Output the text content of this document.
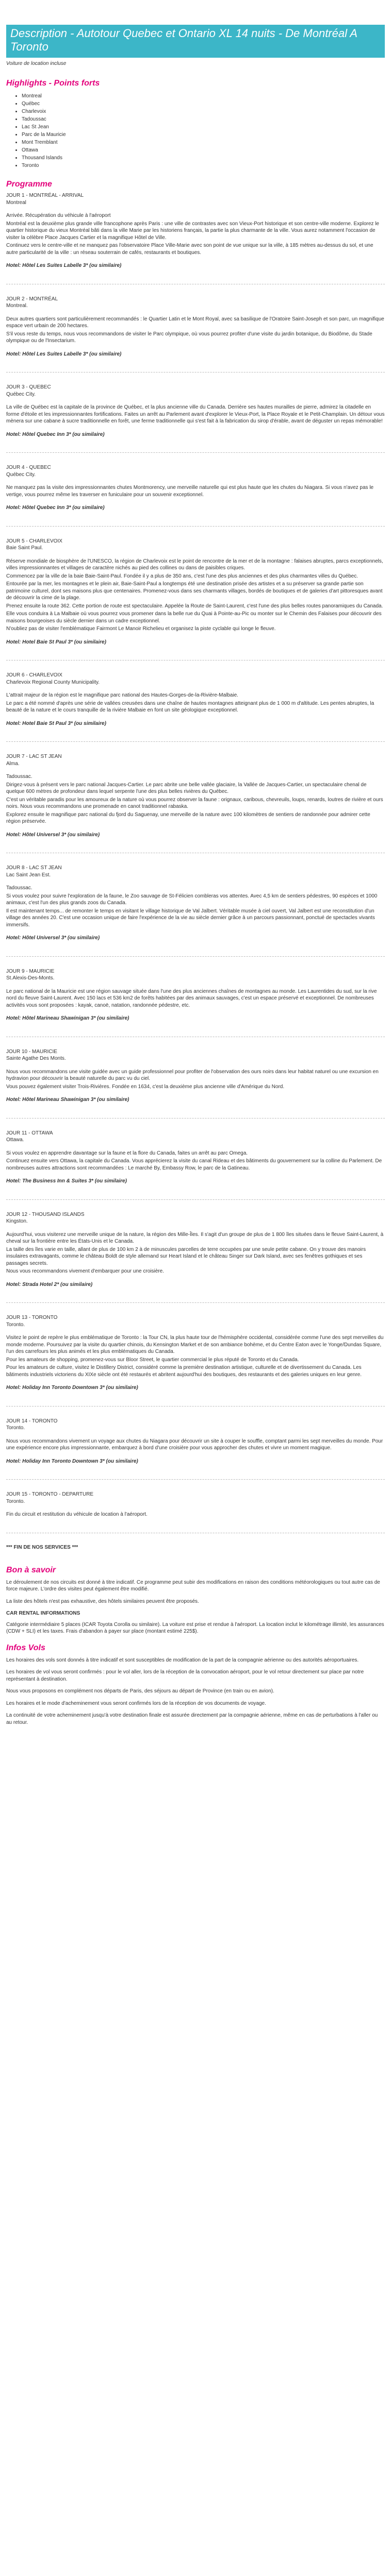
Description - Autotour Quebec et Ontario XL 14 nuits - De Montréal A Toronto
Voiture de location incluse
Highlights - Points forts
• Montreal
• Québec
• Charlevoix
• Tadoussac
• Lac St Jean
• Parc de la Mauricie
• Mont Tremblant
• Ottawa
• Thousand Islands
• Toronto
Programme
JOUR 1 - MONTRÉAL - ARRIVAL
Montreal

Arrivée. Récupération du véhicule à l'aéroport

Montréal est la deuxième plus grande ville francophone après Paris : une ville de contrastes avec son Vieux-Port historique et son centre-ville moderne. Explorez le quartier historique du vieux Montréal bâti dans la ville Marie par les historiens français, la partie la plus charmante de la ville. Vous aurez notamment l'occasion de visiter la célèbre Place Jacques Cartier et la magnifique Hôtel de Ville.

Continuez vers le centre-ville et ne manquez pas l'observatoire Place Ville-Marie avec son point de vue unique sur la ville, à 185 mètres au-dessus du sol, et une autre particularité de la ville : un réseau souterrain de cafés, restaurants et boutiques.

Hotel: Hôtel Les Suites Labelle 3* (ou similaire)
JOUR 2 - MONTRÉAL
Montreal.

Deux autres quartiers sont particulièrement recommandés : le Quartier Latin et le Mont Royal, avec sa basilique de l'Oratoire Saint-Joseph et son parc, un magnifique espace vert urbain de 200 hectares.

S'il vous reste du temps, nous vous recommandons de visiter le Parc olympique, où vous pourrez profiter d'une visite du jardin botanique, du Biodôme, du Stade olympique ou de l'Insectarium.

Hotel: Hôtel Les Suites Labelle 3* (ou similaire)
JOUR 3 - QUEBEC
Québec City.

La ville de Québec est la capitale de la province de Québec, et la plus ancienne ville du Canada. Derrière ses hautes murailles de pierre, admirez la citadelle en forme d'étoile et les impressionnantes fortifications. Faites un arrêt au Parlement avant d'explorer le Vieux-Port, la Place Royale et le Petit-Champlain. Un détour vous mènera sur une cabane à sucre traditionnelle en forêt, une ferme traditionnelle qui s'est fait à la fabrication du sirop d'érable, avant de déguster un repas mémorable!

Hotel: Hôtel Quebec Inn 3* (ou similaire)
JOUR 4 - QUEBEC
Québec City.

Ne manquez pas la visite des impressionnantes chutes Montmorency, une merveille naturelle qui est plus haute que les chutes du Niagara. Si vous n'avez pas le vertige, vous pourrez même les traverser en funiculaire pour un souvenir exceptionnel.

Hotel: Hôtel Quebec Inn 3* (ou similaire)
JOUR 5 - CHARLEVOIX
Baie Saint Paul.

Réserve mondiale de biosphère de l'UNESCO, la région de Charlevoix est le point de rencontre de la mer et de la montagne : falaises abruptes, parcs exceptionnels, villes impressionnantes et villages de caractère nichés au pied des collines ou dans de paisibles criques.

Commencez par la ville de la baie Baie-Saint-Paul. Fondée il y a plus de 350 ans, c'est l'une des plus anciennes et des plus charmantes villes du Québec.

Entourée par la mer, les montagnes et le plein air, Baie-Saint-Paul a longtemps été une destination prisée des artistes et a su préserver sa grande partie son patrimoine culturel, dont ses maisons plus que centenaires. Promenez-vous dans ses charmants villages, bordés de boutiques et de galeries d'art pittoresques avant de découvrir la cime de la plage.

Prenez ensuite la route 362. Cette portion de route est spectaculaire. Appelée la Route de Saint-Laurent, c'est l'une des plus belles routes panoramiques du Canada.

Elle vous conduira à La Malbaie où vous pourrez vous promener dans la belle rue du Quai à Pointe-au-Pic ou monter sur le Chemin des Falaises pour découvrir des maisons bourgeoises du siècle dernier dans un cadre exceptionnel.

N'oubliez pas de visiter l'emblématique Fairmont Le Manoir Richelieu et organisez la piste cyclable qui longe le fleuve.

Hotel: Hotel Baie St Paul 3* (ou similaire)
JOUR 6 - CHARLEVOIX
Charlevoix Regional County Municipality.

L'attrait majeur de la région est le magnifique parc national des Hautes-Gorges-de-la-Rivière-Malbaie.

Le parc a été nommé d'après une série de vallées creusées dans une chaîne de hautes montagnes atteignant plus de 1 000 m d'altitude. Les pentes abruptes, la beauté de la nature et le cours tranquille de la rivière Malbaie en font un site géologique exceptionnel.

Hotel: Hotel Baie St Paul 3* (ou similaire)
JOUR 7 - LAC ST JEAN
Alma.

Tadoussac.

Dirigez-vous à présent vers le parc national Jacques-Cartier. Le parc abrite une belle vallée glaciaire, la Vallée de Jacques-Cartier, un spectaculaire chenal de quelque 600 mètres de profondeur dans lequel serpente l'une des plus belles rivières du Québec.

C'est un véritable paradis pour les amoureux de la nature où vous pourrez observer la faune : orignaux, caribous, chevreuils, loups, renards, loutres de rivière et ours noirs. Nous vous recommandons une promenade en canot traditionnel rabaska.

Explorez ensuite le magnifique parc national du fjord du Saguenay, une merveille de la nature avec 100 kilomètres de sentiers de randonnée pour admirer cette région préservée.

Hotel: Hôtel Universel 3* (ou similaire)
JOUR 8 - LAC ST JEAN
Lac Saint Jean Est.

Tadoussac.

Si vous voulez pour suivre l'exploration de la faune, le Zoo sauvage de St-Félicien combleras vos attentes. Avec 4,5 km de sentiers pédestres, 90 espèces et 1000 animaux, c'est l'un des plus grands zoos du Canada.

Il est maintenant temps... de remonter le temps en visitant le village historique de Val Jalbert. Véritable musée à ciel ouvert, Val Jalbert est une reconstitution d'un village des années 20. C'est une occasion unique de faire l'expérience de la vie au siècle dernier grâce à un parcours passionnant, ponctué de spectacles vivants immersifs.

Hotel: Hôtel Universel 3* (ou similaire)
JOUR 9 - MAURICIE
St.Alexis-Des-Monts.

Le parc national de la Mauricie est une région sauvage située dans l'une des plus anciennes chaînes de montagnes au monde. Les Laurentides du sud, sur la rive nord du fleuve Saint-Laurent. Avec 150 lacs et 536 km2 de forêts habitées par des animaux sauvages, c'est un espace préservé et exceptionnel. De nombreuses activités vous sont proposées : kayak, canoë, natation, randonnée pédestre, etc.

Hotel: Hôtel Marineau Shawinigan 3* (ou similaire)
JOUR 10 - MAURICIE
Sainte Agathe Des Monts.

Nous vous recommandons une visite guidée avec un guide professionnel pour profiter de l'observation des ours noirs dans leur habitat naturel ou une excursion en hydravion pour découvrir la beauté naturelle du parc vu du ciel.

Vous pouvez également visiter Trois-Rivières. Fondée en 1634, c'est la deuxième plus ancienne ville d'Amérique du Nord.

Hotel: Hôtel Marineau Shawinigan 3* (ou similaire)
JOUR 11 - OTTAWA
Ottawa.

Si vous voulez en apprendre davantage sur la faune et la flore du Canada, faites un arrêt au parc Omega.

Continuez ensuite vers Ottawa, la capitale du Canada. Vous apprécierez la visite du canal Rideau et des bâtiments du gouvernement sur la colline du Parlement. De nombreuses autres attractions sont recommandées : Le marché By, Embassy Row, le parc de la Gatineau.

Hotel: The Business Inn & Suites 3* (ou similaire)
JOUR 12 - THOUSAND ISLANDS
Kingston.

Aujourd'hui, vous visiterez une merveille unique de la nature, la région des Mille-Îles. Il s'agit d'un groupe de plus de 1 800 îles situées dans le fleuve Saint-Laurent, à cheval sur la frontière entre les États-Unis et le Canada.

La taille des îles varie en taille, allant de plus de 100 km 2 à de minuscules parcelles de terre occupées par une seule petite cabane. On y trouve des manoirs insulaires extravagants, comme le château Boldt de style allemand sur Heart Island et le château Singer sur Dark Island, avec ses fenêtres gothiques et ses passages secrets.

Nous vous recommandons vivement d'embarquer pour une croisière.

Hotel: Strada Hotel 2* (ou similaire)
JOUR 13 - TORONTO
Toronto.

Visitez le point de repère le plus emblématique de Toronto : la Tour CN, la plus haute tour de l'hémisphère occidental, considérée comme l'une des sept merveilles du monde moderne. Poursuivez par la visite du quartier chinois, du Kensington Market et de son ambiance bohème, et du Centre Eaton avec le Yonge/Dundas Square, l'un des carrefours les plus animés et les plus emblématiques du Canada.

Pour les amateurs de shopping, promenez-vous sur Bloor Street, le quartier commercial le plus réputé de Toronto et du Canada.

Pour les amateurs de culture, visitez le Distillery District, considéré comme la première destination artistique, culturelle et de divertissement du Canada. Les bâtiments industriels victoriens du XIXe siècle ont été restaurés et abritent aujourd'hui des boutiques, des restaurants et des galeries uniques en leur genre.

Hotel: Holiday Inn Toronto Downtown 3* (ou similaire)
JOUR 14 - TORONTO
Toronto.

Nous vous recommandons vivement un voyage aux chutes du Niagara pour découvrir un site à couper le souffle, comptant parmi les sept merveilles du monde. Pour une expérience encore plus impressionnante, embarquez à bord d'une croisière pour vous approcher des chutes et vivre un moment magique.

Hotel: Holiday Inn Toronto Downtown 3* (ou similaire)
JOUR 15 - TORONTO - DEPARTURE
Toronto.

Fin du circuit et restitution du véhicule de location à l'aéroport.

*** FIN DE NOS SERVICES ***
Bon à savoir

Le déroulement de nos circuits est donné à titre indicatif. Ce programme peut subir des modifications en raison des conditions météorologiques ou tout autre cas de force majeure. L'ordre des visites peut également être modifié.

La liste des hôtels n'est pas exhaustive, des hôtels similaires peuvent être proposés.

CAR RENTAL INFORMATIONS

Catégorie intermédiaire 5 places (ICAR Toyota Corolla ou similaire). La voiture est prise et rendue à l'aéroport. La location inclut le kilométrage illimité, les assurances (CDW + SLI) et les taxes. Frais d'abandon à payer sur place (montant estimé 225$).

Infos Vols

Les horaires des vols sont donnés à titre indicatif et sont susceptibles de modification de la part de la compagnie aérienne ou des autorités aéroportuaires.

Les horaires de vol vous seront confirmés : pour le vol aller, lors de la réception de la convocation aéroport, pour le vol retour directement sur place par notre représentant à destination.

Nous vous proposons en complément nos départs de Paris, des séjours au départ de Province (en train ou en avion).

Les horaires et le mode d'acheminement vous seront confirmés lors de la réception de vos documents de voyage.

La continuité de votre acheminement jusqu'à votre destination finale est assurée directement par la compagnie aérienne, même en cas de perturbations à l'aller ou au retour.
